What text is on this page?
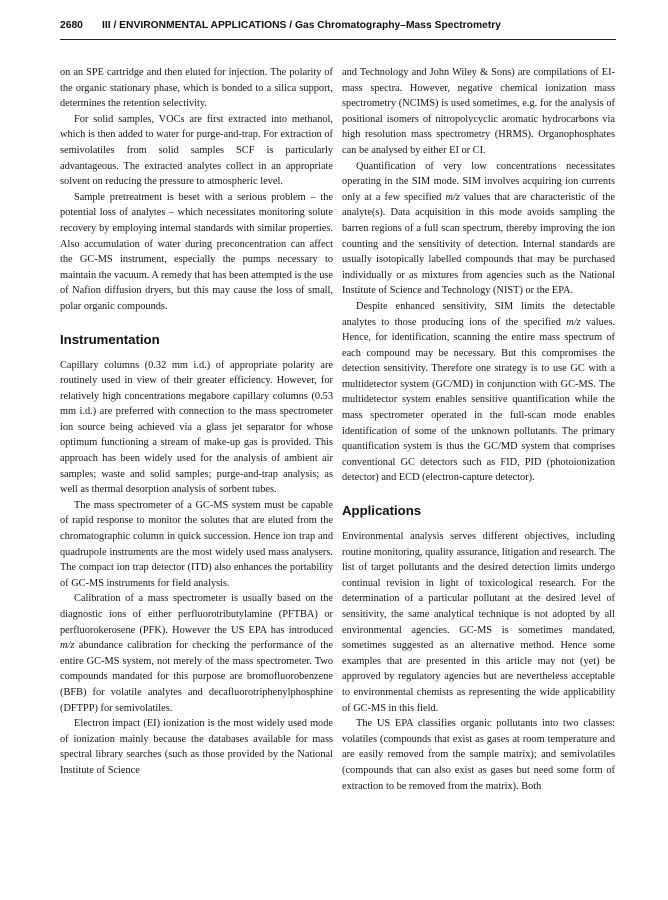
2680 III / ENVIRONMENTAL APPLICATIONS / Gas Chromatography–Mass Spectrometry

on an SPE cartridge and then eluted for injection. The polarity of the organic stationary phase, which is bonded to a silica support, determines the retention selectivity.

For solid samples, VOCs are first extracted into methanol, which is then added to water for purge-and-trap. For extraction of semivolatiles from solid samples SCF is particularly advantageous. The extracted analytes collect in an appropriate solvent on reducing the pressure to atmospheric level.

Sample pretreatment is beset with a serious problem – the potential loss of analytes – which necessitates monitoring solute recovery by employing internal standards with similar properties. Also accumulation of water during preconcentration can affect the GC-MS instrument, especially the pumps necessary to maintain the vacuum. A remedy that has been attempted is the use of Nafion diffusion dryers, but this may cause the loss of small, polar organic compounds.

Instrumentation

Capillary columns (0.32 mm i.d.) of appropriate polarity are routinely used in view of their greater efficiency. However, for relatively high concentrations megabore capillary columns (0.53 mm i.d.) are preferred with connection to the mass spectrometer ion source being achieved via a glass jet separator for whose optimum functioning a stream of make-up gas is provided. This approach has been widely used for the analysis of ambient air samples; waste and solid samples; purge-and-trap analysis; as well as thermal desorption analysis of sorbent tubes.

The mass spectrometer of a GC-MS system must be capable of rapid response to monitor the solutes that are eluted from the chromatographic column in quick succession. Hence ion trap and quadrupole instruments are the most widely used mass analysers. The compact ion trap detector (ITD) also enhances the portability of GC-MS instruments for field analysis.

Calibration of a mass spectrometer is usually based on the diagnostic ions of either perfluorotributylamine (PFTBA) or perfluorokerosene (PFK). However the US EPA has introduced m/z abundance calibration for checking the performance of the entire GC-MS system, not merely of the mass spectrometer. Two compounds mandated for this purpose are bromofluorobenzene (BFB) for volatile analytes and decafluorotriphenylphosphine (DFTPP) for semivolatiles.

Electron impact (EI) ionization is the most widely used mode of ionization mainly because the databases available for mass spectral library searches (such as those provided by the National Institute of Science

and Technology and John Wiley & Sons) are compilations of EI-mass spectra. However, negative chemical ionization mass spectrometry (NCIMS) is used sometimes, e.g. for the analysis of positional isomers of nitropolycyclic aromatic hydrocarbons via high resolution mass spectrometry (HRMS). Organophosphates can be analysed by either EI or CI.

Quantification of very low concentrations necessitates operating in the SIM mode. SIM involves acquiring ion currents only at a few specified m/z values that are characteristic of the analyte(s). Data acquisition in this mode avoids sampling the barren regions of a full scan spectrum, thereby improving the ion counting and the sensitivity of detection. Internal standards are usually isotopically labelled compounds that may be purchased individually or as mixtures from agencies such as the National Institute of Science and Technology (NIST) or the EPA.

Despite enhanced sensitivity, SIM limits the detectable analytes to those producing ions of the specified m/z values. Hence, for identification, scanning the entire mass spectrum of each compound may be necessary. But this compromises the detection sensitivity. Therefore one strategy is to use GC with a multidetector system (GC/MD) in conjunction with GC-MS. The multidetector system enables sensitive quantification while the mass spectrometer operated in the full-scan mode enables identification of some of the unknown pollutants. The primary quantification system is thus the GC/MD system that comprises conventional GC detectors such as FID, PID (photoionization detector) and ECD (electron-capture detector).

Applications

Environmental analysis serves different objectives, including routine monitoring, quality assurance, litigation and research. The list of target pollutants and the desired detection limits undergo continual revision in light of toxicological research. For the determination of a particular pollutant at the desired level of sensitivity, the same analytical technique is not adopted by all environmental agencies. GC-MS is sometimes mandated, sometimes suggested as an alternative method. Hence some examples that are presented in this article may not (yet) be approved by regulatory agencies but are nevertheless acceptable to environmental chemists as representing the wide applicability of GC-MS in this field.

The US EPA classifies organic pollutants into two classes: volatiles (compounds that exist as gases at room temperature and are easily removed from the sample matrix); and semivolatiles (compounds that can also exist as gases but need some form of extraction to be removed from the matrix). Both
